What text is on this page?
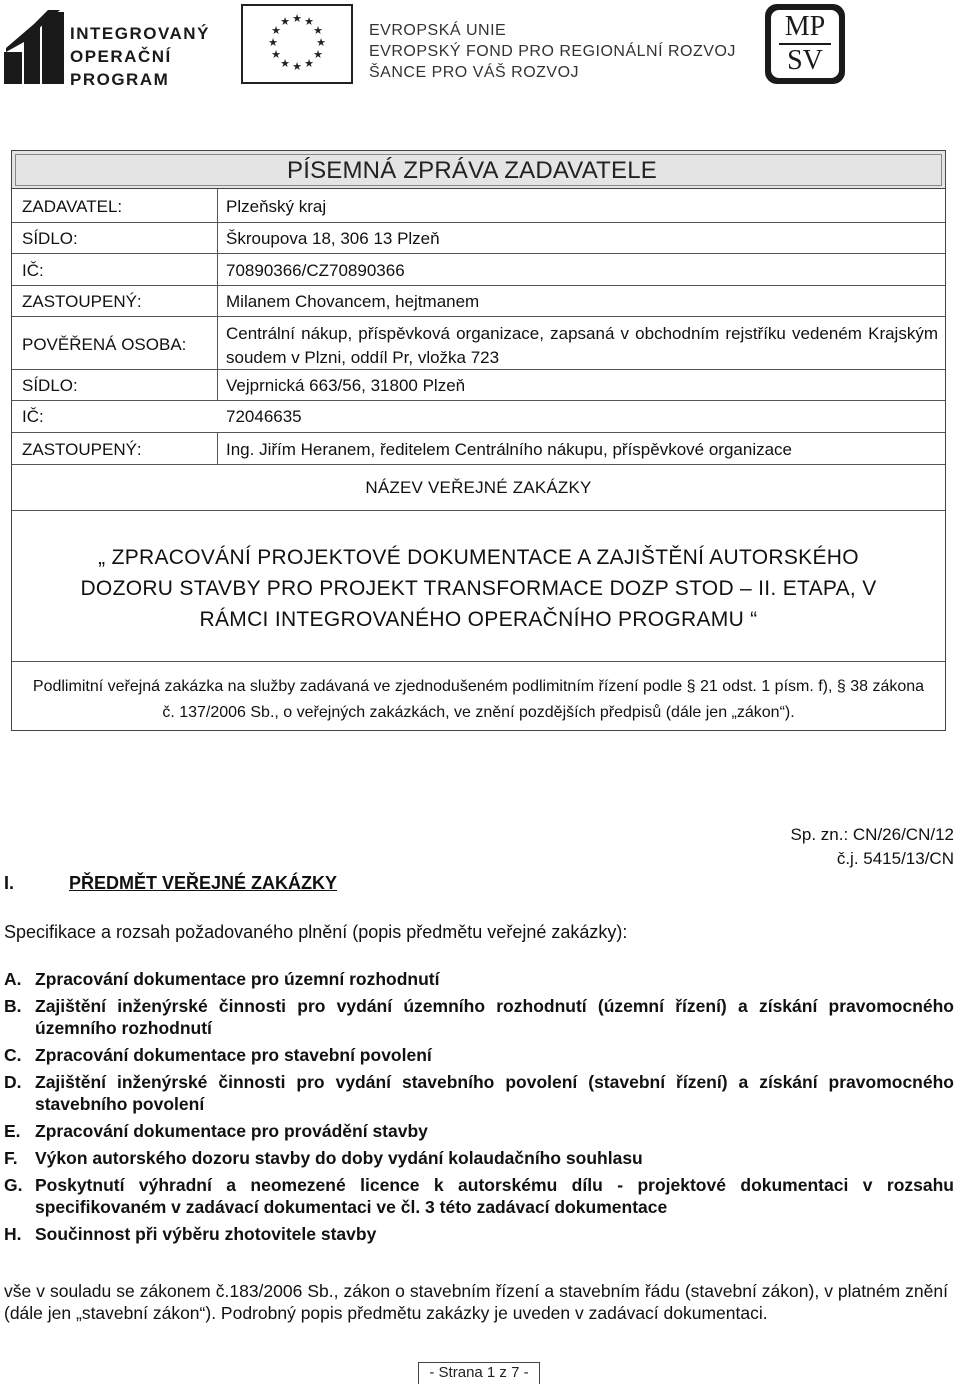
INTEGROVANÝ
OPERAČNÍ
PROGRAM
★ ★
★
★
★
★
★
★
★
★
★
★
EVROPSKÁ UNIE
EVROPSKÝ FOND PRO REGIONÁLNÍ ROZVOJ
ŠANCE PRO VÁŠ ROZVOJ
MP
SV
PÍSEMNÁ ZPRÁVA ZADAVATELE
ZADAVATEL:	Plzeňský kraj
SÍDLO:	Škroupova 18, 306 13 Plzeň
IČ:	70890366/CZ70890366
ZASTOUPENÝ:	Milanem Chovancem, hejtmanem
POVĚŘENÁ OSOBA:
Centrální nákup, příspěvková organizace, zapsaná v obchodním rejstříku vedeném Krajským soudem v Plzni, oddíl Pr, vložka 723
SÍDLO:	Vejprnická 663/56, 31800 Plzeň
IČ:	72046635
ZASTOUPENÝ:	Ing. Jiřím Heranem, ředitelem Centrálního nákupu, příspěvkové organizace
NÁZEV VEŘEJNÉ ZAKÁZKY
„ ZPRACOVÁNÍ PROJEKTOVÉ DOKUMENTACE A ZAJIŠTĚNÍ AUTORSKÉHO DOZORU STAVBY PRO PROJEKT TRANSFORMACE DOZP STOD – II. ETAPA, V RÁMCI INTEGROVANÉHO OPERAČNÍHO PROGRAMU “
Podlimitní veřejná zakázka na služby zadávaná ve zjednodušeném podlimitním řízení podle § 21 odst. 1 písm. f), § 38 zákona č. 137/2006 Sb., o veřejných zakázkách, ve znění pozdějších předpisů (dále jen „zákon“).
Sp. zn.: CN/26/CN/12
č.j. 5415/13/CN
I.	PŘEDMĚT VEŘEJNÉ ZAKÁZKY
Specifikace a rozsah požadovaného plnění (popis předmětu veřejné zakázky):
A. Zpracování dokumentace pro územní rozhodnutí
B. Zajištění inženýrské činnosti pro vydání územního rozhodnutí (územní řízení) a získání pravomocného územního rozhodnutí
C. Zpracování dokumentace pro stavební povolení
D. Zajištění inženýrské činnosti pro vydání stavebního povolení (stavební řízení) a získání pravomocného stavebního povolení
E. Zpracování dokumentace pro provádění stavby
F. Výkon autorského dozoru stavby do doby vydání kolaudačního souhlasu
G. Poskytnutí výhradní a neomezené licence k autorskému dílu - projektové dokumentaci v rozsahu specifikovaném v zadávací dokumentaci ve čl. 3 této zadávací dokumentace
H. Součinnost při výběru zhotovitele stavby
vše v souladu se zákonem č.183/2006 Sb., zákon o stavebním řízení a stavebním řádu (stavební zákon), v platném znění (dále jen „stavební zákon“). Podrobný popis předmětu zakázky je uveden v zadávací dokumentaci.
- Strana 1 z 7 -
